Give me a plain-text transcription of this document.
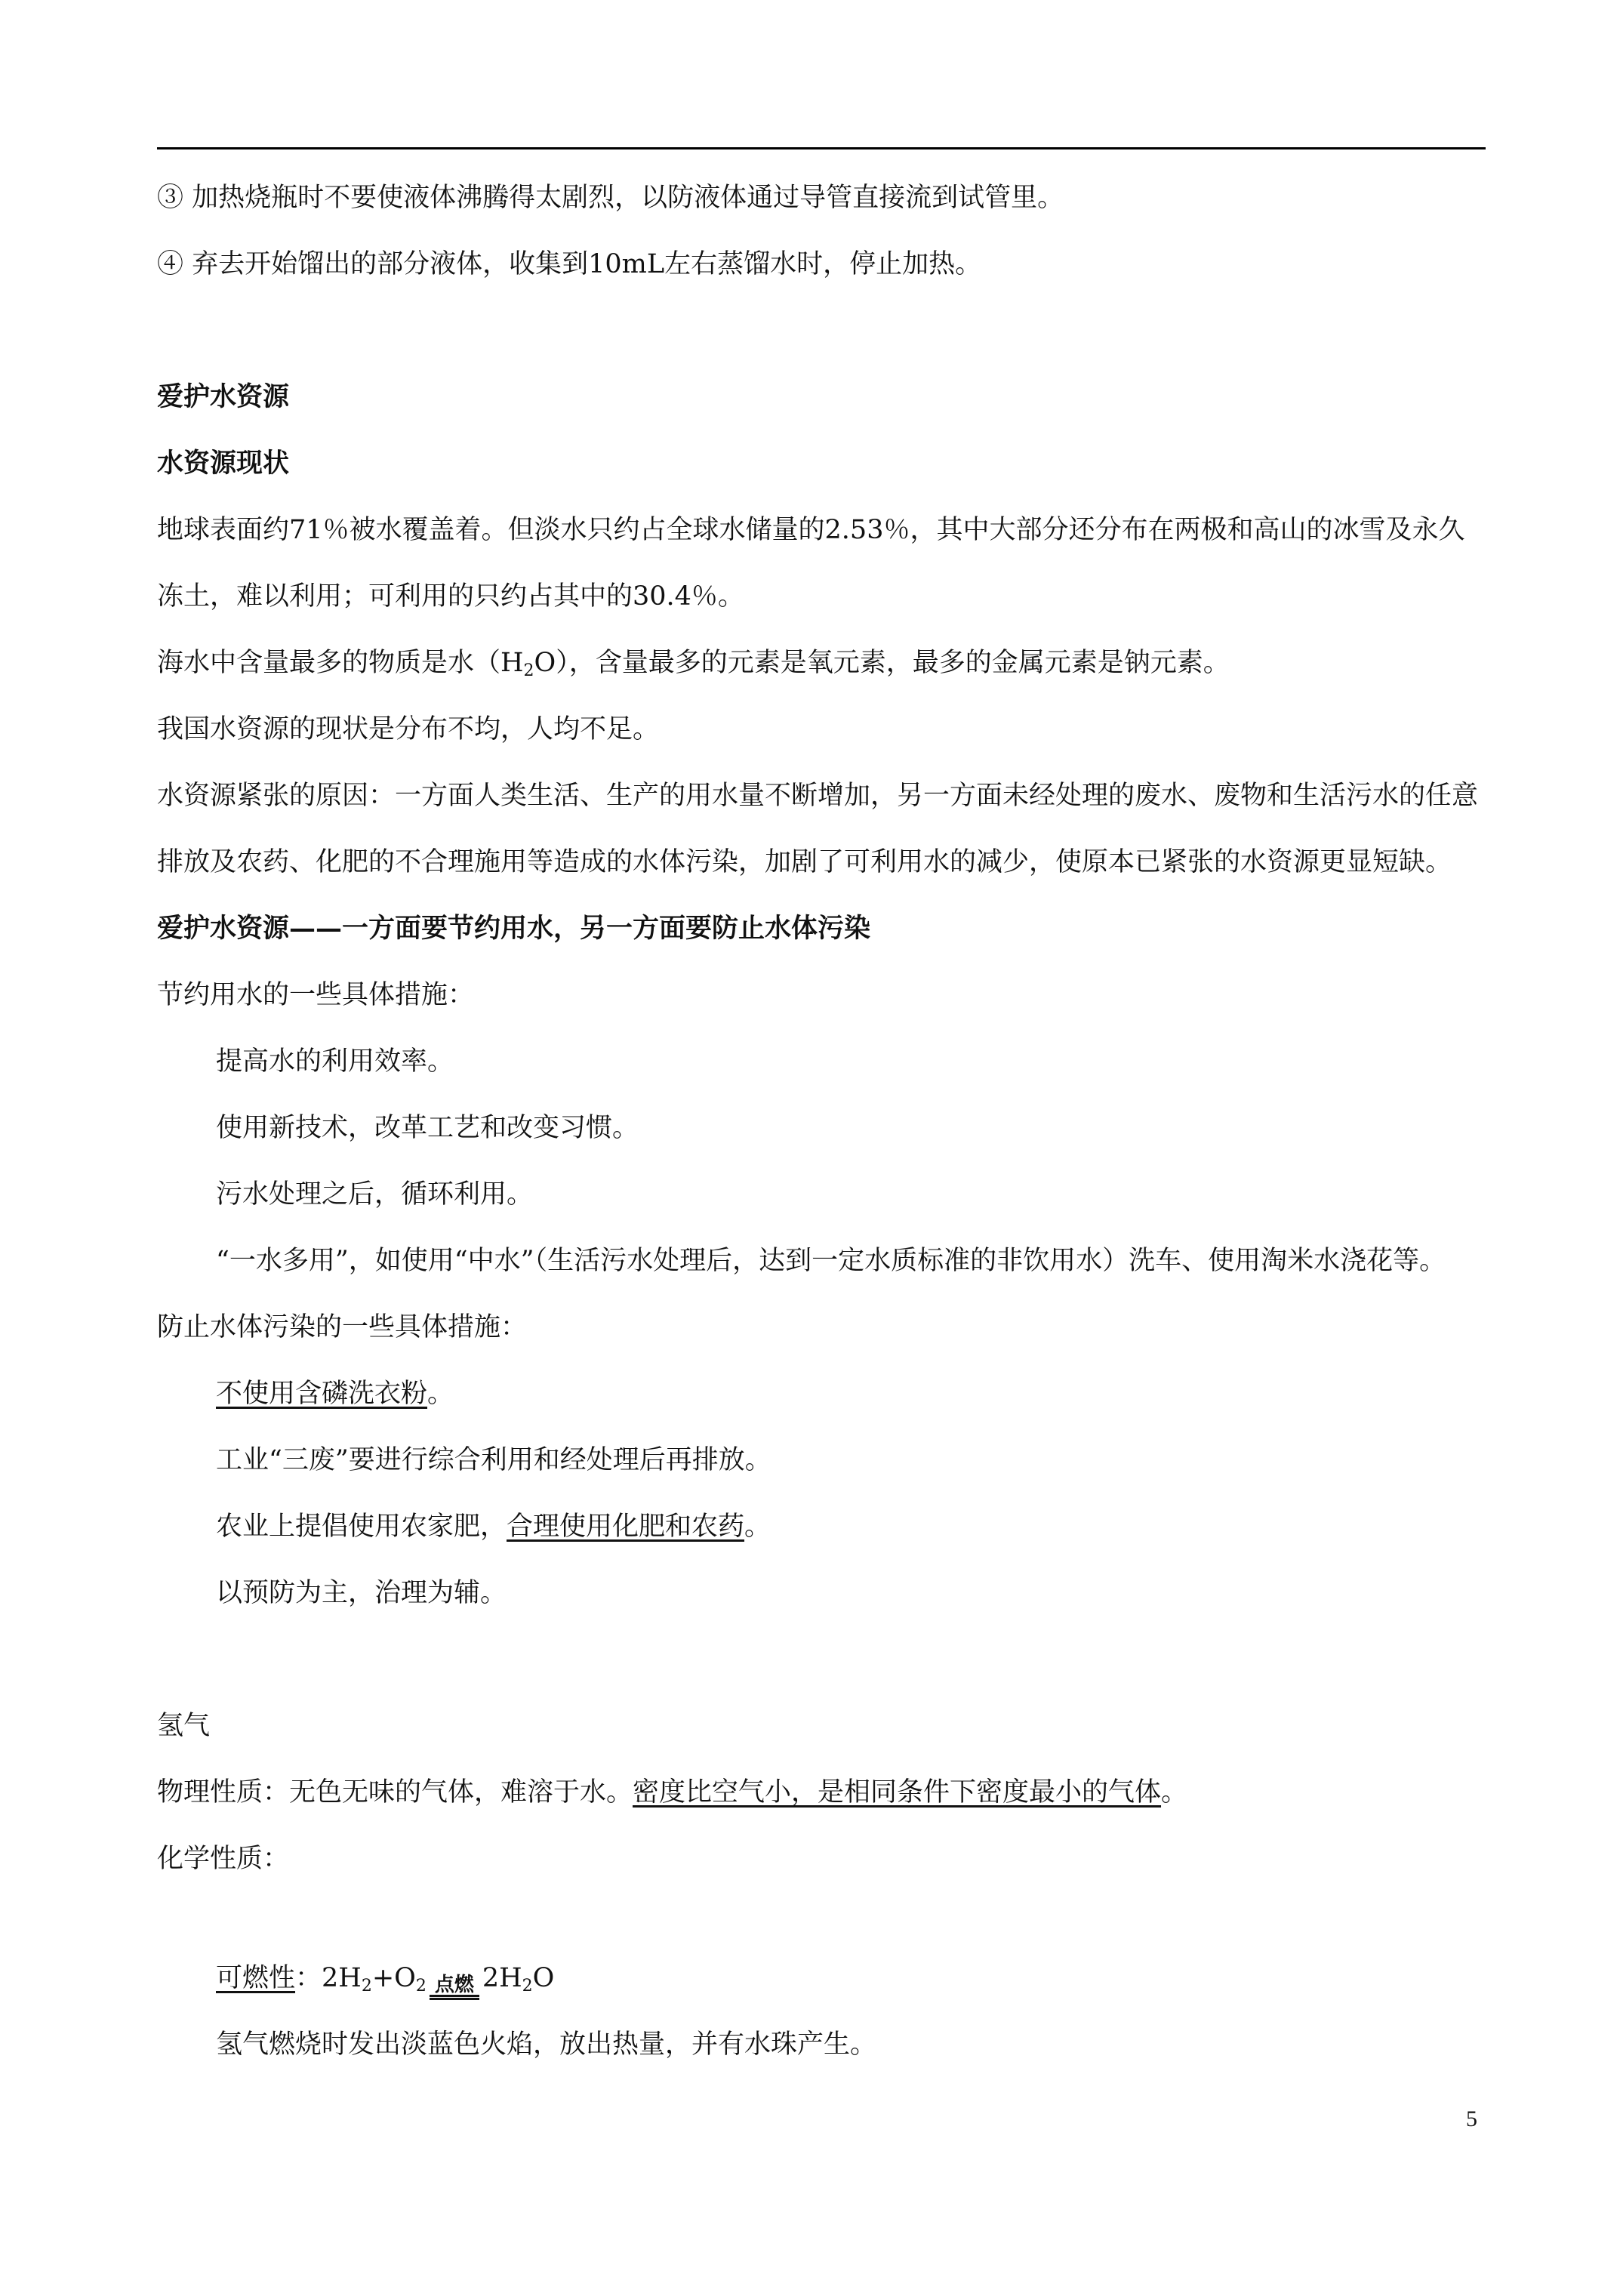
③ 加热烧瓶时不要使液体沸腾得太剧烈，以防液体通过导管直接流到试管里。
④ 弃去开始馏出的部分液体，收集到10mL左右蒸馏水时，停止加热。
爱护水资源
水资源现状
地球表面约71％被水覆盖着。但淡水只约占全球水储量的2.53％，其中大部分还分布在两极和高山的冰雪及永久冻土，难以利用；可利用的只约占其中的30.4％。
海水中含量最多的物质是水$(H_2O)$，含量最多的元素是氧元素，最多的金属元素是钠元素。
我国水资源的现状是分布不均，人均不足。
水资源紧张的原因：一方面人类生活、生产的用水量不断增加，另一方面未经处理的废水、废物和生活污水的任意排放及农药、化肥的不合理施用等造成的水体污染，加剧了可利用水的减少，使原本已紧张的水资源更显短缺。
爱护水资源——一方面要节约用水，另一方面要防止水体污染
节约用水的一些具体措施：
提高水的利用效率。
使用新技术，改革工艺和改变习惯。
污水处理之后，循环利用。
“一水多用”，如使用“中水”（生活污水处理后，达到一定水质标准的非饮用水）洗车、使用淘米水浇花等。
防止水体污染的一些具体措施：
不使用含磷洗衣粉。
工业“三废”要进行综合利用和经处理后再排放。
农业上提倡使用农家肥，合理使用化肥和农药。
以预防为主，治理为辅。
氢气
物理性质：无色无味的气体，难溶于水。密度比空气小，是相同条件下密度最小的气体。
化学性质：
可燃性：$2H_2+O_2$ 点燃 $2H_2O$
氢气燃烧时发出淡蓝色火焰，放出热量，并有水珠产生。
5
